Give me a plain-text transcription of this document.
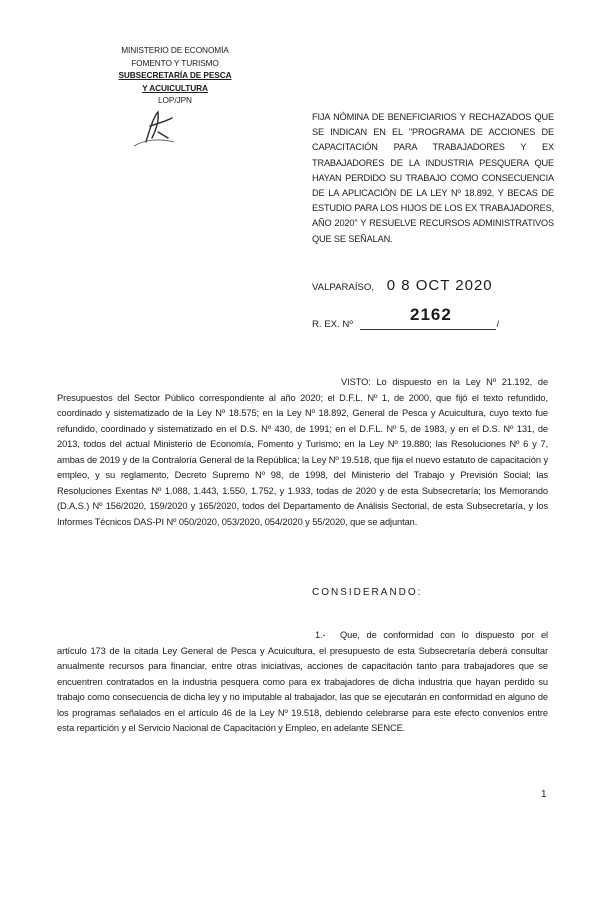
MINISTERIO DE ECONOMÍA
FOMENTO Y TURISMO
SUBSECRETARÍA DE PESCA
Y ACUICULTURA
LOP/JPN
FIJA NÓMINA DE BENEFICIARIOS Y RECHAZADOS QUE SE INDICAN EN EL "PROGRAMA DE ACCIONES DE CAPACITACIÓN PARA TRABAJADORES Y EX TRABAJADORES DE LA INDUSTRIA PESQUERA QUE HAYAN PERDIDO SU TRABAJO COMO CONSECUENCIA DE LA APLICACIÓN DE LA LEY Nº 18.892, Y BECAS DE ESTUDIO PARA LOS HIJOS DE LOS EX TRABAJADORES, AÑO 2020" Y RESUELVE RECURSOS ADMINISTRATIVOS QUE SE SEÑALAN.
VALPARAÍSO, 0 8 OCT 2020
R. EX. Nº	/
2162
VISTO: Lo dispuesto en la Ley Nº 21.192, de Presupuestos del Sector Público correspondiente al año 2020; el D.F.L. Nº 1, de 2000, que fijó el texto refundido, coordinado y sistematizado de la Ley Nº 18.575; en la Ley Nº 18.892, General de Pesca y Acuicultura, cuyo texto fue refundido, coordinado y sistematizado en el D.S. Nº 430, de 1991; en el D.F.L. Nº 5, de 1983, y en el D.S. Nº 131, de 2013, todos del actual Ministerio de Economía, Fomento y Turismo; en la Ley Nº 19.880; las Resoluciones Nº 6 y 7, ambas de 2019 y de la Contraloría General de la República; la Ley Nº 19.518, que fija el nuevo estatuto de capacitación y empleo, y su reglamento, Decreto Supremo Nº 98, de 1998, del Ministerio del Trabajo y Previsión Social; las Resoluciones Exentas Nº 1.088, 1.443, 1.550, 1.752, y 1.933, todas de 2020 y de esta Subsecretaría; los Memorando (D.A.S.) Nº 156/2020, 159/2020 y 165/2020, todos del Departamento de Análisis Sectorial, de esta Subsecretaría, y los Informes Técnicos DAS-PI Nº 050/2020, 053/2020, 054/2020 y 55/2020, que se adjuntan.
CONSIDERANDO:
1.- Que, de conformidad con lo dispuesto por el artículo 173 de la citada Ley General de Pesca y Acuicultura, el presupuesto de esta Subsecretaría deberá consultar anualmente recursos para financiar, entre otras iniciativas, acciones de capacitación tanto para trabajadores que se encuentren contratados en la industria pesquera como para ex trabajadores de dicha industria que hayan perdido su trabajo como consecuencia de dicha ley y no imputable al trabajador, las que se ejecutarán en conformidad en alguno de los programas señalados en el artículo 46 de la Ley Nº 19.518, debiendo celebrarse para este efecto convenios entre esta repartición y el Servicio Nacional de Capacitación y Empleo, en adelante SENCE.
1
